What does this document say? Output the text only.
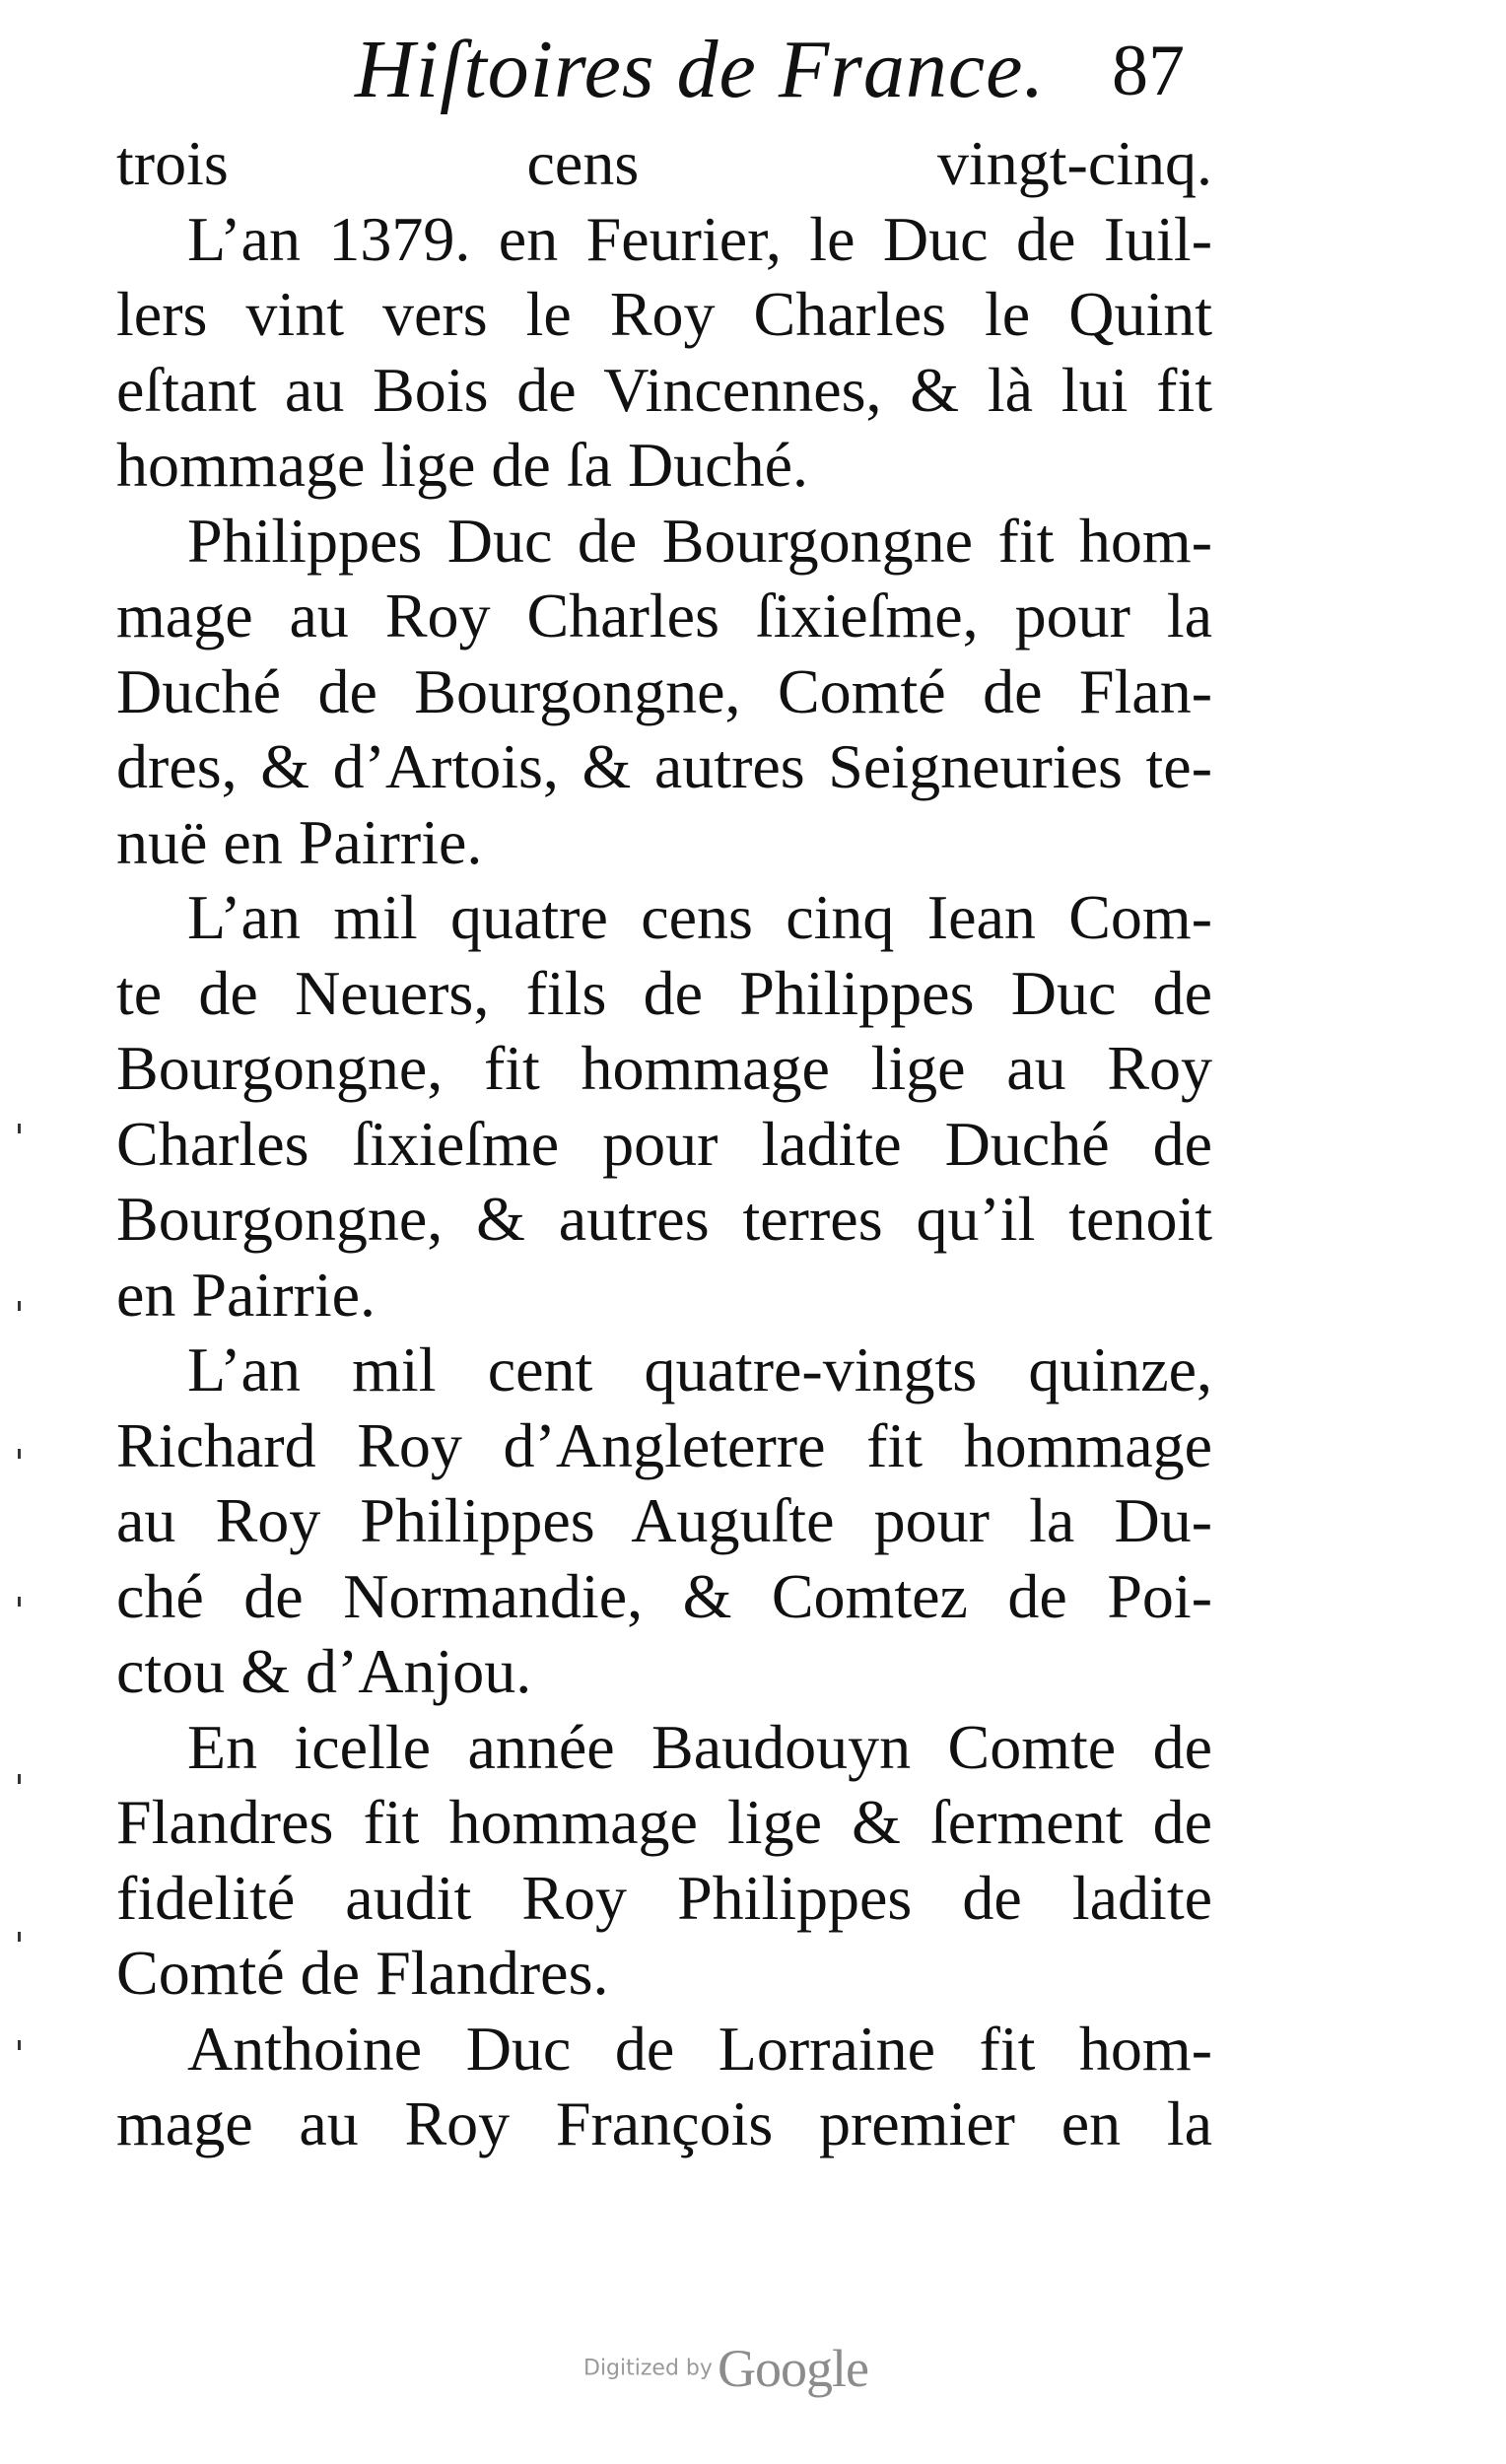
Hiſtoires de France. 87
trois cens vingt-cinq.
L’an 1379. en Feurier, le Duc de Iuil-
lers vint vers le Roy Charles le Quint
eſtant au Bois de Vincennes, & là lui fit
hommage lige de ſa Duché.
Philippes Duc de Bourgongne fit hom-
mage au Roy Charles ſixieſme, pour la
Duché de Bourgongne, Comté de Flan-
dres, & d’Artois, & autres Seigneuries te-
nuë en Pairrie.
L’an mil quatre cens cinq Iean Com-
te de Neuers, fils de Philippes Duc de
Bourgongne, fit hommage lige au Roy
Charles ſixieſme pour ladite Duché de
Bourgongne, & autres terres qu’il tenoit
en Pairrie.
L’an mil cent quatre-vingts quinze,
Richard Roy d’Angleterre fit hommage
au Roy Philippes Auguſte pour la Du-
ché de Normandie, & Comtez de Poi-
ctou & d’Anjou.
En icelle année Baudouyn Comte de
Flandres fit hommage lige & ſerment de
fidelité audit Roy Philippes de ladite
Comté de Flandres.
Anthoine Duc de Lorraine fit hom-
mage au Roy François premier en la
Digitized by Google
